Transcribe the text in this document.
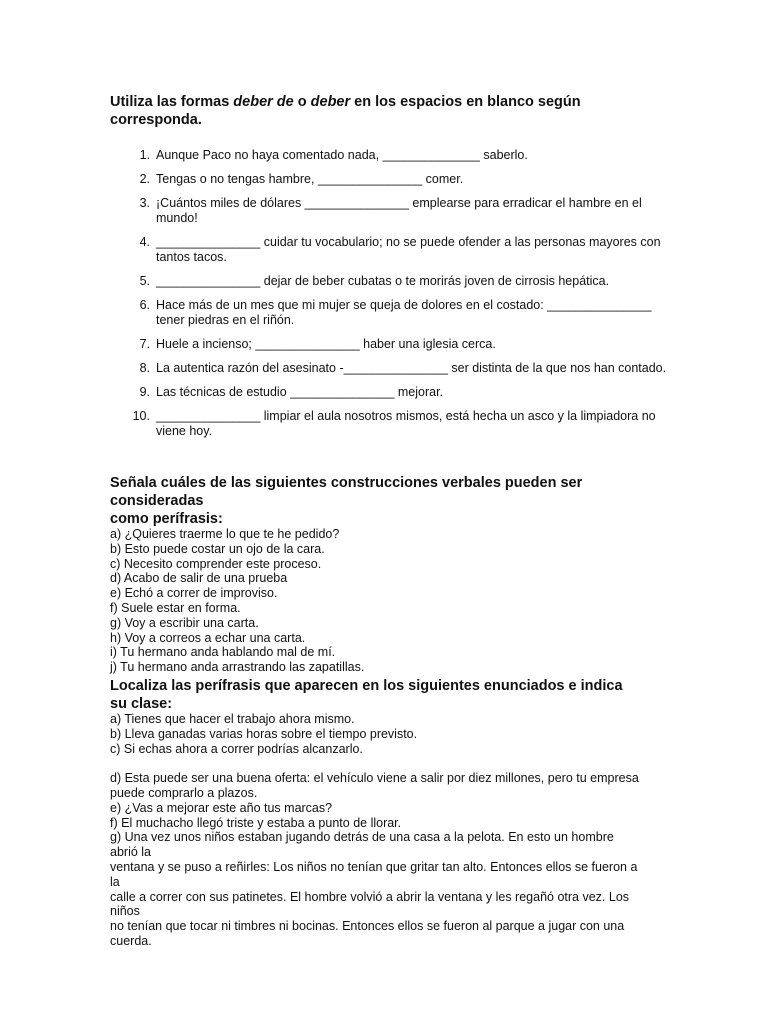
Utiliza las formas deber de o deber en los espacios en blanco según corresponda.
1. Aunque Paco no haya comentado nada, ______________ saberlo.
2. Tengas o no tengas hambre, _______________ comer.
3. ¡Cuántos miles de dólares _______________ emplearse para erradicar el hambre en el mundo!
4. _______________ cuidar tu vocabulario; no se puede ofender a las personas mayores con tantos tacos.
5. _______________ dejar de beber cubatas o te morirás joven de cirrosis hepática.
6. Hace más de un mes que mi mujer se queja de dolores en el costado: _______________ tener piedras en el riñón.
7. Huele a incienso; _______________ haber una iglesia cerca.
8. La autentica razón del asesinato -_______________ ser distinta de la que nos han contado.
9. Las técnicas de estudio _______________ mejorar.
10. _______________ limpiar el aula nosotros mismos, está hecha un asco y la limpiadora no viene hoy.
Señala cuáles de las siguientes construcciones verbales pueden ser
consideradas
como perífrasis:
a) ¿Quieres traerme lo que te he pedido?
b) Esto puede costar un ojo de la cara.
c) Necesito comprender este proceso.
d) Acabo de salir de una prueba
e) Echó a correr de improviso.
f) Suele estar en forma.
g) Voy a escribir una carta.
h) Voy a correos a echar una carta.
i) Tu hermano anda hablando mal de mí.
j) Tu hermano anda arrastrando las zapatillas.
Localiza las perífrasis que aparecen en los siguientes enunciados e indica
su clase:
a) Tienes que hacer el trabajo ahora mismo.
b) Lleva ganadas varias horas sobre el tiempo previsto.
c) Si echas ahora a correr podrías alcanzarlo.
d) Esta puede ser una buena oferta: el vehículo viene a salir por diez millones, pero tu empresa
puede comprarlo a plazos.
e) ¿Vas a mejorar este año tus marcas?
f) El muchacho llegó triste y estaba a punto de llorar.
g) Una vez unos niños estaban jugando detrás de una casa a la pelota. En esto un hombre
abrió la
ventana y se puso a reñirles: Los niños no tenían que gritar tan alto. Entonces ellos se fueron a
la
calle a correr con sus patinetes. El hombre volvió a abrir la ventana y les regañó otra vez. Los
niños
no tenían que tocar ni timbres ni bocinas. Entonces ellos se fueron al parque a jugar con una
cuerda.
